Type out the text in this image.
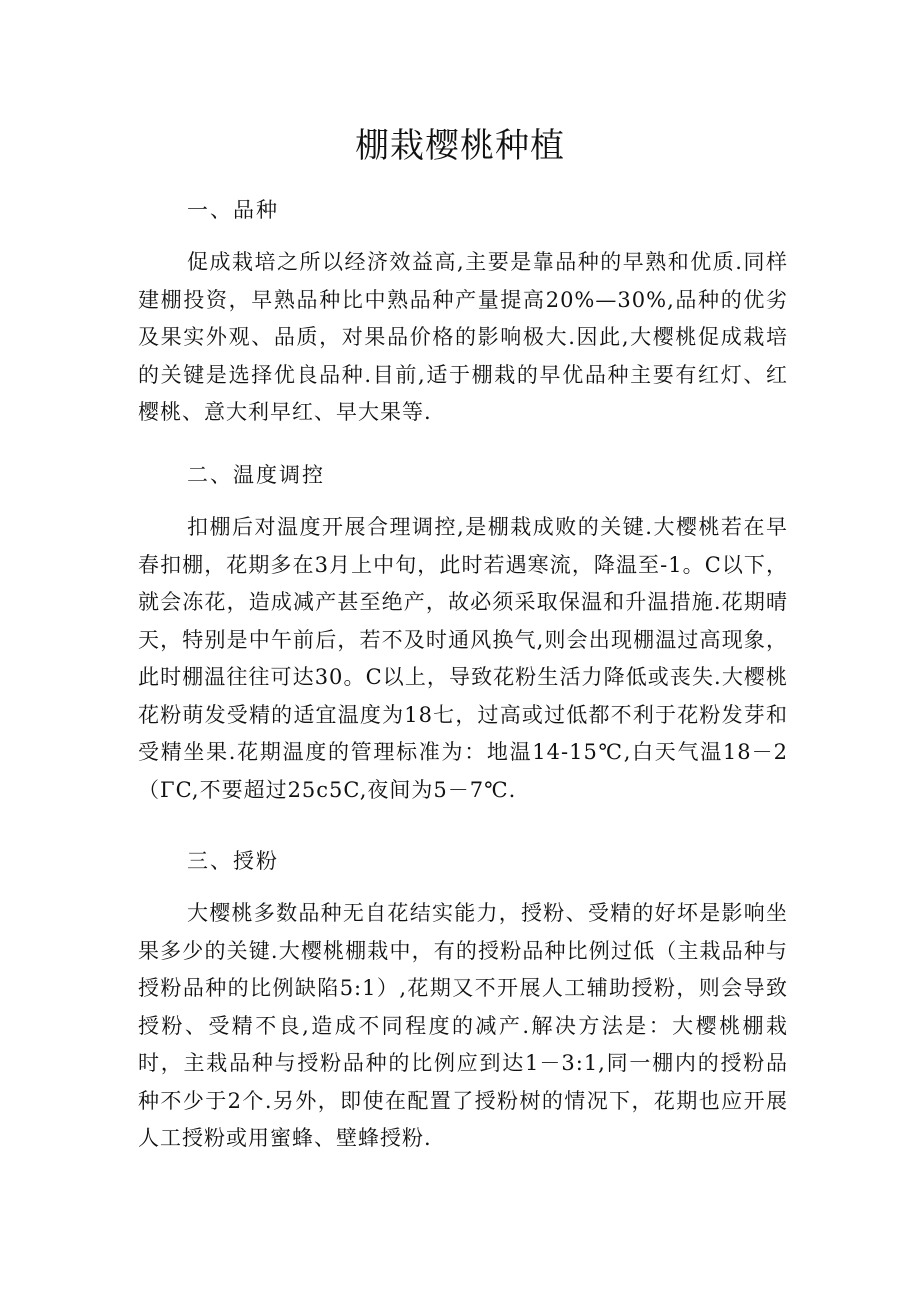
棚栽樱桃种植

一、品种

促成栽培之所以经济效益高,主要是靠品种的早熟和优质.同样建棚投资，早熟品种比中熟品种产量提高20%—30%,品种的优劣及果实外观、品质，对果品价格的影响极大.因此,大樱桃促成栽培的关键是选择优良品种.目前,适于棚栽的早优品种主要有红灯、红樱桃、意大利早红、早大果等.

二、温度调控

扣棚后对温度开展合理调控,是棚栽成败的关键.大樱桃若在早春扣棚，花期多在3月上中旬，此时若遇寒流，降温至-1。C以下，就会冻花，造成减产甚至绝产，故必须采取保温和升温措施.花期晴天，特别是中午前后，若不及时通风换气,则会出现棚温过高现象，此时棚温往往可达30。C以上，导致花粉生活力降低或丧失.大樱桃花粉萌发受精的适宜温度为18七，过高或过低都不利于花粉发芽和受精坐果.花期温度的管理标准为：地温14-15℃,白天气温18－2（ΓC,不要超过25c5C,夜间为5－7℃.

三、授粉

大樱桃多数品种无自花结实能力，授粉、受精的好坏是影响坐果多少的关键.大樱桃棚栽中，有的授粉品种比例过低（主栽品种与授粉品种的比例缺陷5:1）,花期又不开展人工辅助授粉，则会导致授粉、受精不良,造成不同程度的减产.解决方法是：大樱桃棚栽时，主栽品种与授粉品种的比例应到达1－3:1,同一棚内的授粉品种不少于2个.另外，即使在配置了授粉树的情况下，花期也应开展人工授粉或用蜜蜂、壁蜂授粉.
